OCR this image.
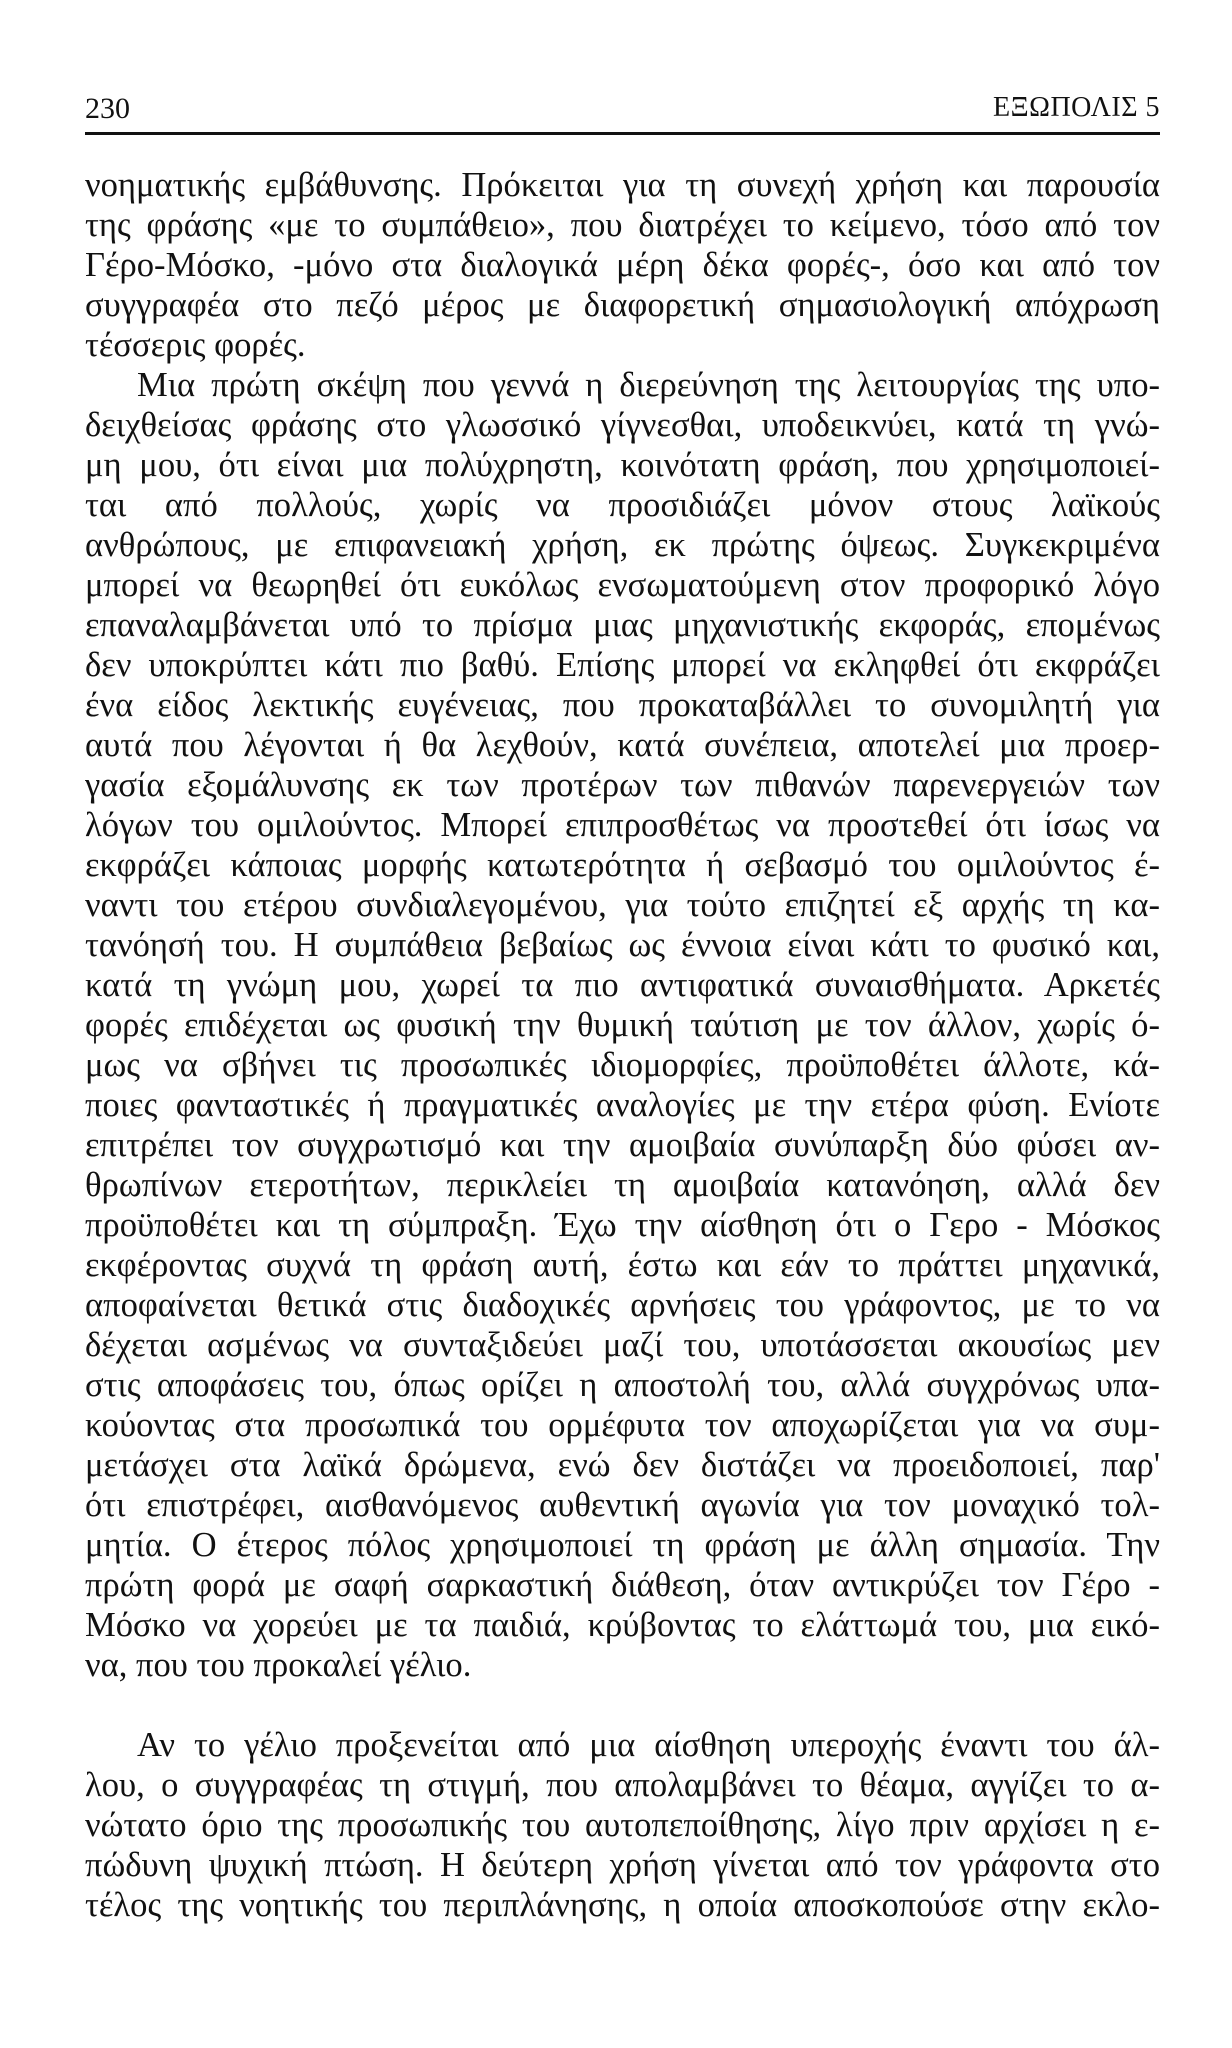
230	ΕΞΩΠΟΛΙΣ 5
νοηματικής εμβάθυνσης. Πρόκειται για τη συνεχή χρήση και παρουσία
της φράσης «με το συμπάθειο», που διατρέχει το κείμενο, τόσο από τον
Γέρο-Μόσκο, -μόνο στα διαλογικά μέρη δέκα φορές-, όσο και από τον
συγγραφέα στο πεζό μέρος με διαφορετική σημασιολογική απόχρωση
τέσσερις φορές.
Μια πρώτη σκέψη που γεννά η διερεύνηση της λειτουργίας της υπο-
δειχθείσας φράσης στο γλωσσικό γίγνεσθαι, υποδεικνύει, κατά τη γνώ-
μη μου, ότι είναι μια πολύχρηστη, κοινότατη φράση, που χρησιμοποιεί-
ται από πολλούς, χωρίς να προσιδιάζει μόνον στους λαϊκούς
ανθρώπους, με επιφανειακή χρήση, εκ πρώτης όψεως. Συγκεκριμένα
μπορεί να θεωρηθεί ότι ευκόλως ενσωματούμενη στον προφορικό λόγο
επαναλαμβάνεται υπό το πρίσμα μιας μηχανιστικής εκφοράς, επομένως
δεν υποκρύπτει κάτι πιο βαθύ. Επίσης μπορεί να εκληφθεί ότι εκφράζει
ένα είδος λεκτικής ευγένειας, που προκαταβάλλει το συνομιλητή για
αυτά που λέγονται ή θα λεχθούν, κατά συνέπεια, αποτελεί μια προερ-
γασία εξομάλυνσης εκ των προτέρων των πιθανών παρενεργειών των
λόγων του ομιλούντος. Μπορεί επιπροσθέτως να προστεθεί ότι ίσως να
εκφράζει κάποιας μορφής κατωτερότητα ή σεβασμό του ομιλούντος έ-
ναντι του ετέρου συνδιαλεγομένου, για τούτο επιζητεί εξ αρχής τη κα-
τανόησή του. Η συμπάθεια βεβαίως ως έννοια είναι κάτι το φυσικό και,
κατά τη γνώμη μου, χωρεί τα πιο αντιφατικά συναισθήματα. Αρκετές
φορές επιδέχεται ως φυσική την θυμική ταύτιση με τον άλλον, χωρίς ό-
μως να σβήνει τις προσωπικές ιδιομορφίες, προϋποθέτει άλλοτε, κά-
ποιες φανταστικές ή πραγματικές αναλογίες με την ετέρα φύση. Ενίοτε
επιτρέπει τον συγχρωτισμό και την αμοιβαία συνύπαρξη δύο φύσει αν-
θρωπίνων ετεροτήτων, περικλείει τη αμοιβαία κατανόηση, αλλά δεν
προϋποθέτει και τη σύμπραξη. Έχω την αίσθηση ότι ο Γερο - Μόσκος
εκφέροντας συχνά τη φράση αυτή, έστω και εάν το πράττει μηχανικά,
αποφαίνεται θετικά στις διαδοχικές αρνήσεις του γράφοντος, με το να
δέχεται ασμένως να συνταξιδεύει μαζί του, υποτάσσεται ακουσίως μεν
στις αποφάσεις του, όπως ορίζει η αποστολή του, αλλά συγχρόνως υπα-
κούοντας στα προσωπικά του ορμέφυτα τον αποχωρίζεται για να συμ-
μετάσχει στα λαϊκά δρώμενα, ενώ δεν διστάζει να προειδοποιεί, παρ'
ότι επιστρέφει, αισθανόμενος αυθεντική αγωνία για τον μοναχικό τολ-
μητία. Ο έτερος πόλος χρησιμοποιεί τη φράση με άλλη σημασία. Την
πρώτη φορά με σαφή σαρκαστική διάθεση, όταν αντικρύζει τον Γέρο -
Μόσκο να χορεύει με τα παιδιά, κρύβοντας το ελάττωμά του, μια εικό-
να, που του προκαλεί γέλιο.
Αν το γέλιο προξενείται από μια αίσθηση υπεροχής έναντι του άλ-
λου, ο συγγραφέας τη στιγμή, που απολαμβάνει το θέαμα, αγγίζει το α-
νώτατο όριο της προσωπικής του αυτοπεποίθησης, λίγο πριν αρχίσει η ε-
πώδυνη ψυχική πτώση. Η δεύτερη χρήση γίνεται από τον γράφοντα στο
τέλος της νοητικής του περιπλάνησης, η οποία αποσκοπούσε στην εκλο-
